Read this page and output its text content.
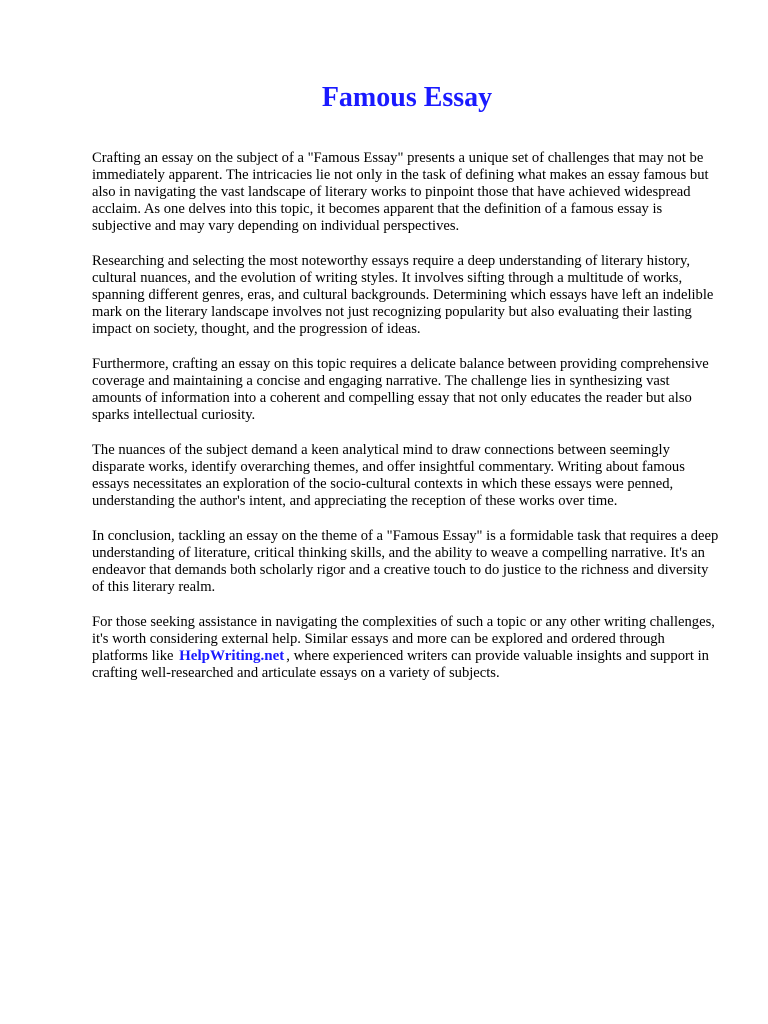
Famous Essay

Crafting an essay on the subject of a "Famous Essay" presents a unique set of challenges that may not be immediately apparent. The intricacies lie not only in the task of defining what makes an essay famous but also in navigating the vast landscape of literary works to pinpoint those that have achieved widespread acclaim. As one delves into this topic, it becomes apparent that the definition of a famous essay is subjective and may vary depending on individual perspectives.

Researching and selecting the most noteworthy essays require a deep understanding of literary history, cultural nuances, and the evolution of writing styles. It involves sifting through a multitude of works, spanning different genres, eras, and cultural backgrounds. Determining which essays have left an indelible mark on the literary landscape involves not just recognizing popularity but also evaluating their lasting impact on society, thought, and the progression of ideas.

Furthermore, crafting an essay on this topic requires a delicate balance between providing comprehensive coverage and maintaining a concise and engaging narrative. The challenge lies in synthesizing vast amounts of information into a coherent and compelling essay that not only educates the reader but also sparks intellectual curiosity.

The nuances of the subject demand a keen analytical mind to draw connections between seemingly disparate works, identify overarching themes, and offer insightful commentary. Writing about famous essays necessitates an exploration of the socio-cultural contexts in which these essays were penned, understanding the author's intent, and appreciating the reception of these works over time.

In conclusion, tackling an essay on the theme of a "Famous Essay" is a formidable task that requires a deep understanding of literature, critical thinking skills, and the ability to weave a compelling narrative. It's an endeavor that demands both scholarly rigor and a creative touch to do justice to the richness and diversity of this literary realm.

For those seeking assistance in navigating the complexities of such a topic or any other writing challenges, it's worth considering external help. Similar essays and more can be explored and ordered through platforms like HelpWriting.net , where experienced writers can provide valuable insights and support in crafting well-researched and articulate essays on a variety of subjects.
